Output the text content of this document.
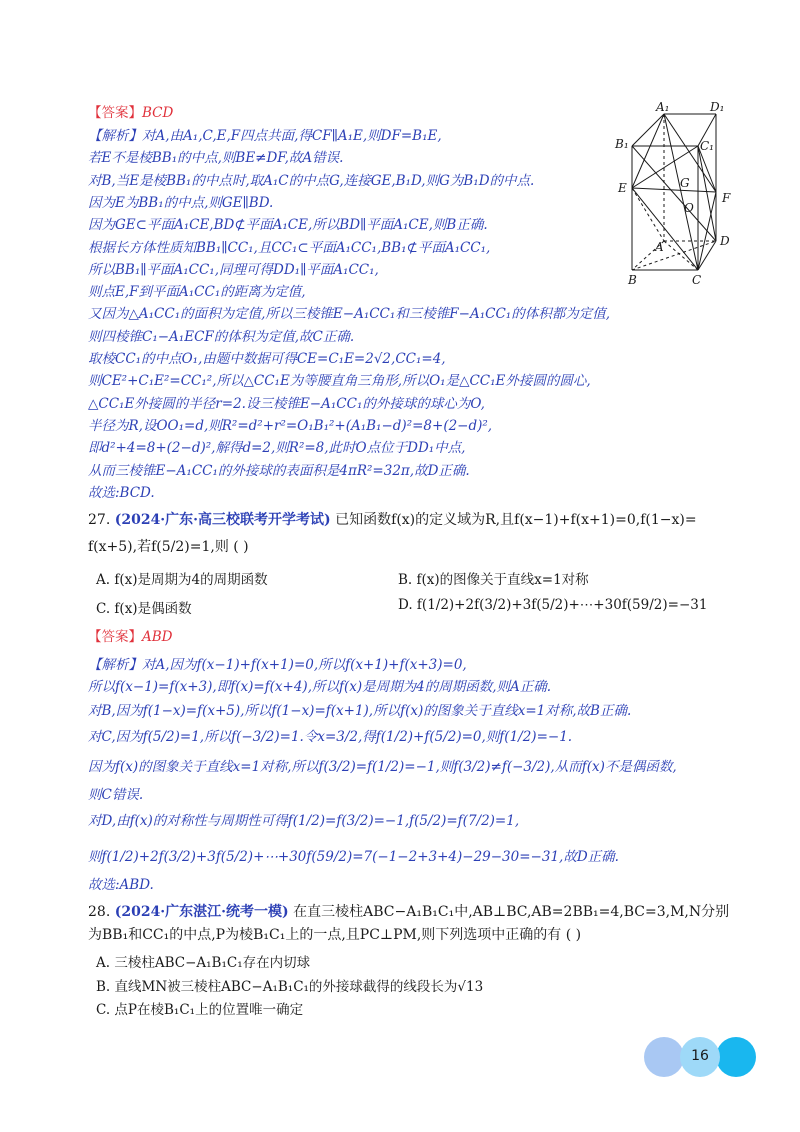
【答案】BCD
【解析】对A,由A₁,C,E,F四点共面,得CF∥A₁E,则DF=B₁E,
若E不是棱BB₁的中点,则BE≠DF,故A错误.
对B,当E是棱BB₁的中点时,取A₁C的中点G,连接GE,B₁D,则G为B₁D的中点.
因为E为BB₁的中点,则GE∥BD.
因为GE⊂平面A₁CE,BD⊄平面A₁CE,所以BD∥平面A₁CE,则B正确.
根据长方体性质知BB₁∥CC₁,且CC₁⊂平面A₁CC₁,BB₁⊄平面A₁CC₁,
所以BB₁∥平面A₁CC₁,同理可得DD₁∥平面A₁CC₁,
则点E,F到平面A₁CC₁的距离为定值,
又因为△A₁CC₁的面积为定值,所以三棱锥E−A₁CC₁和三棱锥F−A₁CC₁的体积都为定值,
则四棱锥C₁−A₁ECF的体积为定值,故C正确.
取棱CC₁的中点O₁,由题中数据可得CE=C₁E=2√2,CC₁=4,
则CE²+C₁E²=CC₁²,所以△CC₁E为等腰直角三角形,所以O₁是△CC₁E外接圆的圆心,
△CC₁E外接圆的半径r=2.设三棱锥E−A₁CC₁的外接球的球心为O,
半径为R,设OO₁=d,则R²=d²+r²=O₁B₁²+(A₁B₁−d)²=8+(2−d)²,
即d²+4=8+(2−d)²,解得d=2,则R²=8,此时O点位于DD₁中点,
从而三棱锥E−A₁CC₁的外接球的表面积是4πR²=32π,故D正确.
故选:BCD.
A₁	D₁
B₁	C₁
E	G
O
F
A	D
B	C
27. (2024·广东·高三校联考开学考试) 已知函数f(x)的定义域为R,且f(x−1)+f(x+1)=0,f(1−x)=
f(x+5),若f(5/2)=1,则 ( )
A. f(x)是周期为4的周期函数	B. f(x)的图像关于直线x=1对称
C. f(x)是偶函数	D. f(1/2)+2f(3/2)+3f(5/2)+⋯+30f(59/2)=−31
【答案】ABD
【解析】对A,因为f(x−1)+f(x+1)=0,所以f(x+1)+f(x+3)=0,
所以f(x−1)=f(x+3),即f(x)=f(x+4),所以f(x)是周期为4的周期函数,则A正确.
对B,因为f(1−x)=f(x+5),所以f(1−x)=f(x+1),所以f(x)的图象关于直线x=1对称,故B正确.
对C,因为f(5/2)=1,所以f(−3/2)=1.令x=3/2,得f(1/2)+f(5/2)=0,则f(1/2)=−1.
因为f(x)的图象关于直线x=1对称,所以f(3/2)=f(1/2)=−1,则f(3/2)≠f(−3/2),从而f(x)不是偶函数,
则C错误.
对D,由f(x)的对称性与周期性可得f(1/2)=f(3/2)=−1,f(5/2)=f(7/2)=1,
则f(1/2)+2f(3/2)+3f(5/2)+⋯+30f(59/2)=7(−1−2+3+4)−29−30=−31,故D正确.
故选:ABD.
28. (2024·广东湛江·统考一模) 在直三棱柱ABC−A₁B₁C₁中,AB⊥BC,AB=2BB₁=4,BC=3,M,N分别
为BB₁和CC₁的中点,P为棱B₁C₁上的一点,且PC⊥PM,则下列选项中正确的有 ( )
A. 三棱柱ABC−A₁B₁C₁存在内切球
B. 直线MN被三棱柱ABC−A₁B₁C₁的外接球截得的线段长为√13
C. 点P在棱B₁C₁上的位置唯一确定
16
